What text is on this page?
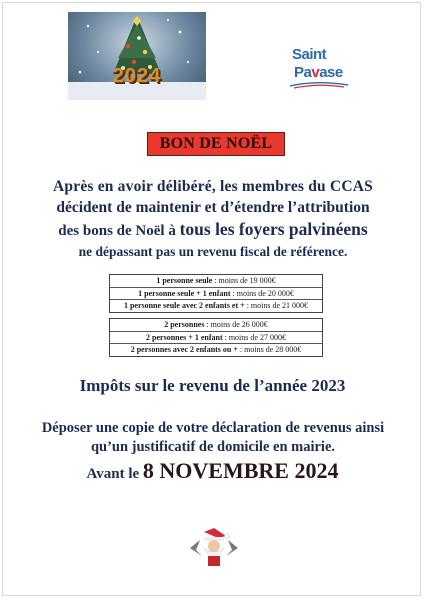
2024
Saint
Pavase
BON DE NOËL
Après en avoir délibéré, les membres du CCAS
décident de maintenir et d’étendre l’attribution
des bons de Noël à tous les foyers palvinéens
ne dépassant pas un revenu fiscal de référence.
1 personne seule : moins de 19 000€
1 personne seule + 1 enfant : moins de 20 000€
1 personne seule avec 2 enfants et + : moins de 21 000€
2 personnes : moins de 26 000€
2 personnes + 1 enfant : moins de 27 000€
2 personnes avec 2 enfants ou + : moins de 28 000€
Impôts sur le revenu de l’année 2023
Déposer une copie de votre déclaration de revenus ainsi
qu’un justificatif de domicile en mairie.
Avant le 8 NOVEMBRE 2024
